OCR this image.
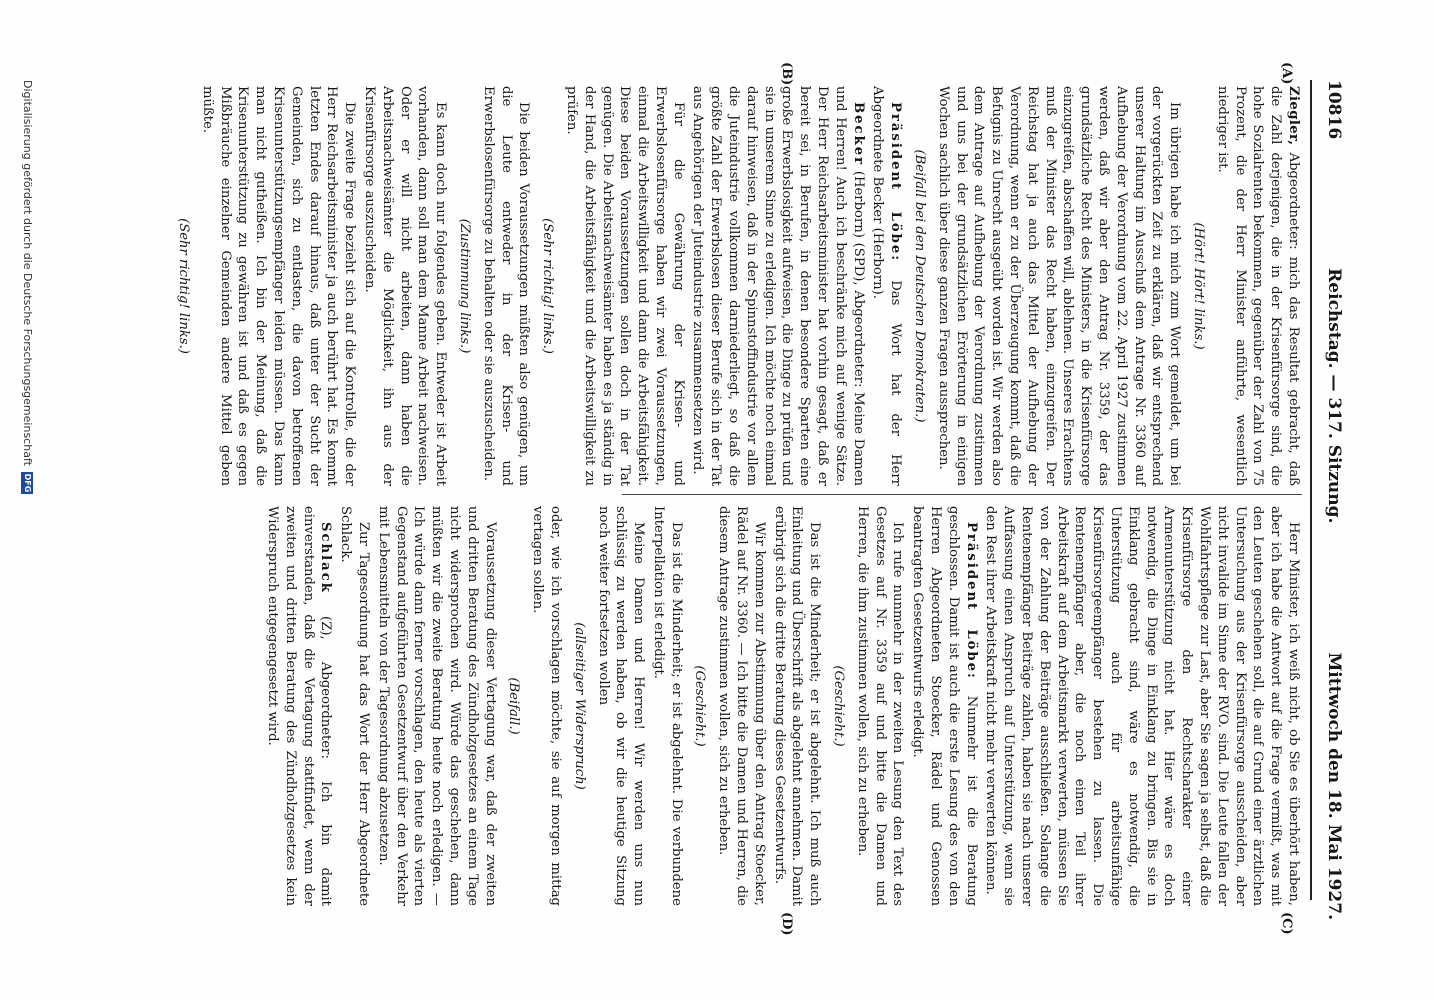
10816
Reichstag. — 317. Sitzung.
Mittwoch den 18. Mai 1927.
(A)
(B)
(C)
(D)

Ziegler, Abgeordneter: mich das Resultat gebracht, daß die Zahl derjenigen, die in der Krisenfürsorge sind, die hohe Sozialrenten bekommen, gegenüber der Zahl von 75 Prozent, die der Herr Minister anführte, wesentlich niedriger ist.

(Hört! Hört! links.)

Im übrigen habe ich mich zum Wort gemeldet, um bei der vorgerückten Zeit zu erklären, daß wir entsprechend unserer Haltung im Ausschuß dem Antrage Nr. 3360 auf Aufhebung der Verordnung vom 22. April 1927 zustimmen werden, daß wir aber den Antrag Nr. 3359, der das grundsätzliche Recht des Ministers, in die Krisenfürsorge einzugreifen, abschaffen will, ablehnen. Unseres Erachtens muß der Minister das Recht haben, einzugreifen. Der Reichstag hat ja auch das Mittel der Aufhebung der Verordnung, wenn er zu der Überzeugung kommt, daß die Befugnis zu Unrecht ausgeübt worden ist. Wir werden also dem Antrage auf Aufhebung der Verordnung zustimmen und uns bei der grundsätzlichen Erörterung in einigen Wochen sachlich über diese ganzen Fragen aussprechen.

(Beifall bei den Deutschen Demokraten.)

Präsident Löbe: Das Wort hat der Herr Abgeordnete Becker (Herborn).

Becker (Herborn) (SPD), Abgeordneter: Meine Damen und Herren! Auch ich beschränke mich auf wenige Sätze. Der Herr Reichsarbeitsminister hat vorhin gesagt, daß er bereit sei, in Berufen, in denen besondere Sparten eine große Erwerbslosigkeit aufweisen, die Dinge zu prüfen und sie in unserem Sinne zu erledigen. Ich möchte noch einmal darauf hinweisen, daß in der Spinnstoffindustrie vor allem die Juteindustrie vollkommen darniederliegt, so daß die größte Zahl der Erwerbslosen dieser Berufe sich in der Tat aus Angehörigen der Juteindustrie zusammensetzen wird.

Für die Gewährung der Krisen- und Erwerbslosenfürsorge haben wir zwei Voraussetzungen, einmal die Arbeitswilligkeit und dann die Arbeitsfähigkeit. Diese beiden Voraussetzungen sollen doch in der Tat genügen. Die Arbeitsnachweisämter haben es ja ständig in der Hand, die Arbeitsfähigkeit und die Arbeitswilligkeit zu prüfen.

(Sehr richtig! links.)

Die beiden Voraussetzungen müßten also genügen, um die Leute entweder in der Krisen- und Erwerbslosenfürsorge zu behalten oder sie auszuscheiden.

(Zustimmung links.)

Es kann doch nur folgendes geben. Entweder ist Arbeit vorhanden, dann soll man dem Manne Arbeit nachweisen. Oder er will nicht arbeiten, dann haben die Arbeitsnachweisämter die Möglichkeit, ihn aus der Krisenfürsorge auszuscheiden.

Die zweite Frage bezieht sich auf die Kontrolle, die der Herr Reichsarbeitsminister ja auch berührt hat. Es kommt letzten Endes darauf hinaus, daß unter der Sucht der Gemeinden, sich zu entlasten, die davon betroffenen Krisenunterstützungsempfänger leiden müssen. Das kann man nicht gutheißen. Ich bin der Meinung, daß die Krisenunterstützung zu gewähren ist und daß es gegen Mißbräuche einzelner Gemeinden andere Mittel geben müßte.

(Sehr richtig! links.)

Herr Minister, ich weiß nicht, ob Sie es überhört haben, aber ich habe die Antwort auf die Frage vermißt, was mit den Leuten geschehen soll, die auf Grund einer ärztlichen Untersuchung aus der Krisenfürsorge ausscheiden, aber nicht invalide im Sinne der RVO. sind. Die Leute fallen der Wohlfahrtspflege zur Last, aber Sie sagen ja selbst, daß die Krisenfürsorge den Rechtscharakter einer Armenunterstützung nicht hat. Hier wäre es doch notwendig, die Dinge in Einklang zu bringen. Bis sie in Einklang gebracht sind, wäre es notwendig, die Unterstützung auch für arbeitsunfähige Krisenfürsorgeempfänger bestehen zu lassen. Die Rentenempfänger aber, die noch einen Teil ihrer Arbeitskraft auf dem Arbeitsmarkt verwerten, müssen Sie von der Zahlung der Beiträge ausschließen. Solange die Rentenempfänger Beiträge zahlen, haben sie nach unserer Auffassung einen Anspruch auf Unterstützung, wenn sie den Rest ihrer Arbeitskraft nicht mehr verwerten können.

Präsident Löbe: Nunmehr ist die Beratung geschlossen. Damit ist auch die erste Lesung des von den Herren Abgeordneten Stoecker, Rädel und Genossen beantragten Gesetzentwurfs erledigt.

Ich rufe nunmehr in der zweiten Lesung den Text des Gesetzes auf Nr. 3359 auf und bitte die Damen und Herren, die ihm zustimmen wollen, sich zu erheben.

(Geschieht.)

Das ist die Minderheit; er ist abgelehnt. Ich muß auch Einleitung und Überschrift als abgelehnt annehmen. Damit erübrigt sich die dritte Beratung dieses Gesetzentwurfs.

Wir kommen zur Abstimmung über den Antrag Stoecker, Rädel auf Nr. 3360. — Ich bitte die Damen und Herren, die diesem Antrage zustimmen wollen, sich zu erheben.

(Geschieht.)

Das ist die Minderheit; er ist abgelehnt. Die verbundene Interpellation ist erledigt.

Meine Damen und Herren! Wir werden uns nun schlüssig zu werden haben, ob wir die heutige Sitzung noch weiter fortsetzen wollen

(allseitiger Widerspruch)

oder, wie ich vorschlagen möchte, sie auf morgen mittag vertagen sollen.

(Beifall.)

Voraussetzung dieser Vertagung war, daß der zweiten und dritten Beratung des Zündholzgesetzes an einem Tage nicht widersprochen wird. Würde das geschehen, dann müßten wir die zweite Beratung heute noch erledigen. — Ich würde dann ferner vorschlagen, den heute als vierten Gegenstand aufgeführten Gesetzentwurf über den Verkehr mit Lebensmitteln von der Tagesordnung abzusetzen.

Zur Tagesordnung hat das Wort der Herr Abgeordnete Schlack.

Schlack (Z), Abgeordneter: Ich bin damit einverstanden, daß die Vertagung stattfindet, wenn der zweiten und dritten Beratung des Zündholzgesetzes kein Widerspruch entgegengesetzt wird.

Digitalisierung gefördert durch die Deutsche Forschungsgemeinschaft
DFG
